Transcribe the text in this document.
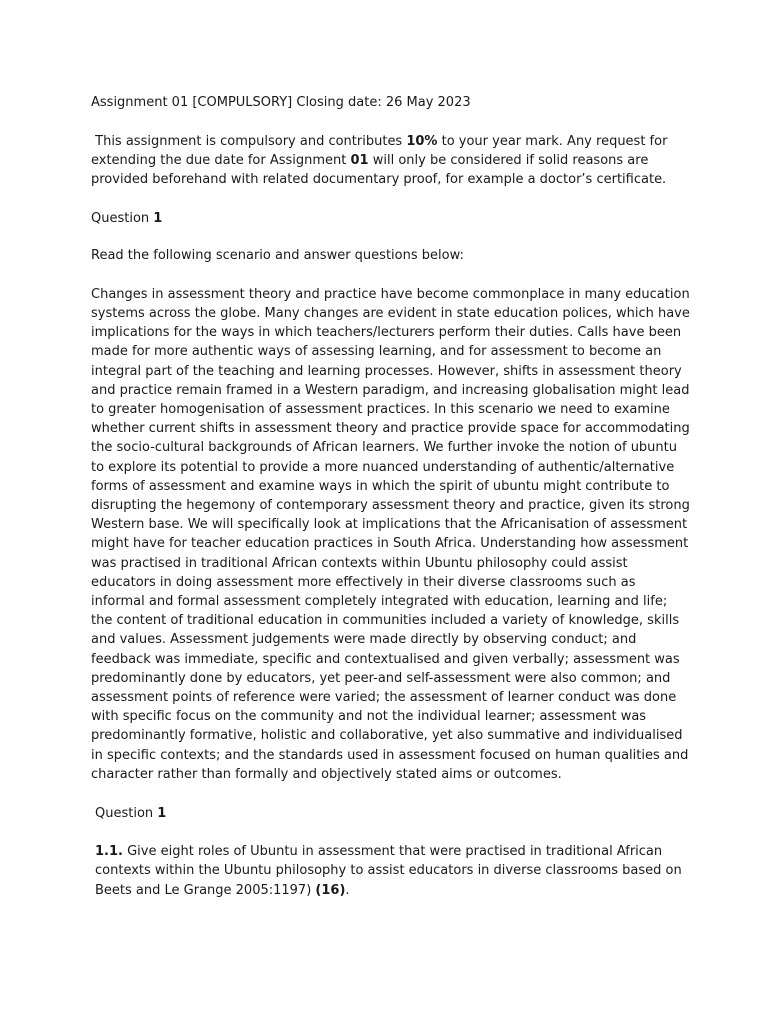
Assignment 01 [COMPULSORY] Closing date: 26 May 2023

This assignment is compulsory and contributes 10% to your year mark. Any request for extending the due date for Assignment 01 will only be considered if solid reasons are provided beforehand with related documentary proof, for example a doctor’s certificate.

Question 1

Read the following scenario and answer questions below:

Changes in assessment theory and practice have become commonplace in many education systems across the globe. Many changes are evident in state education polices, which have implications for the ways in which teachers/lecturers perform their duties. Calls have been made for more authentic ways of assessing learning, and for assessment to become an integral part of the teaching and learning processes. However, shifts in assessment theory and practice remain framed in a Western paradigm, and increasing globalisation might lead to greater homogenisation of assessment practices. In this scenario we need to examine whether current shifts in assessment theory and practice provide space for accommodating the socio-cultural backgrounds of African learners. We further invoke the notion of ubuntu to explore its potential to provide a more nuanced understanding of authentic/alternative forms of assessment and examine ways in which the spirit of ubuntu might contribute to disrupting the hegemony of contemporary assessment theory and practice, given its strong Western base. We will specifically look at implications that the Africanisation of assessment might have for teacher education practices in South Africa. Understanding how assessment was practised in traditional African contexts within Ubuntu philosophy could assist educators in doing assessment more effectively in their diverse classrooms such as informal and formal assessment completely integrated with education, learning and life; the content of traditional education in communities included a variety of knowledge, skills and values. Assessment judgements were made directly by observing conduct; and feedback was immediate, specific and contextualised and given verbally; assessment was predominantly done by educators, yet peer-and self-assessment were also common; and assessment points of reference were varied; the assessment of learner conduct was done with specific focus on the community and not the individual learner; assessment was predominantly formative, holistic and collaborative, yet also summative and individualised in specific contexts; and the standards used in assessment focused on human qualities and character rather than formally and objectively stated aims or outcomes.

Question 1

1.1. Give eight roles of Ubuntu in assessment that were practised in traditional African contexts within the Ubuntu philosophy to assist educators in diverse classrooms based on Beets and Le Grange 2005:1197) (16).
